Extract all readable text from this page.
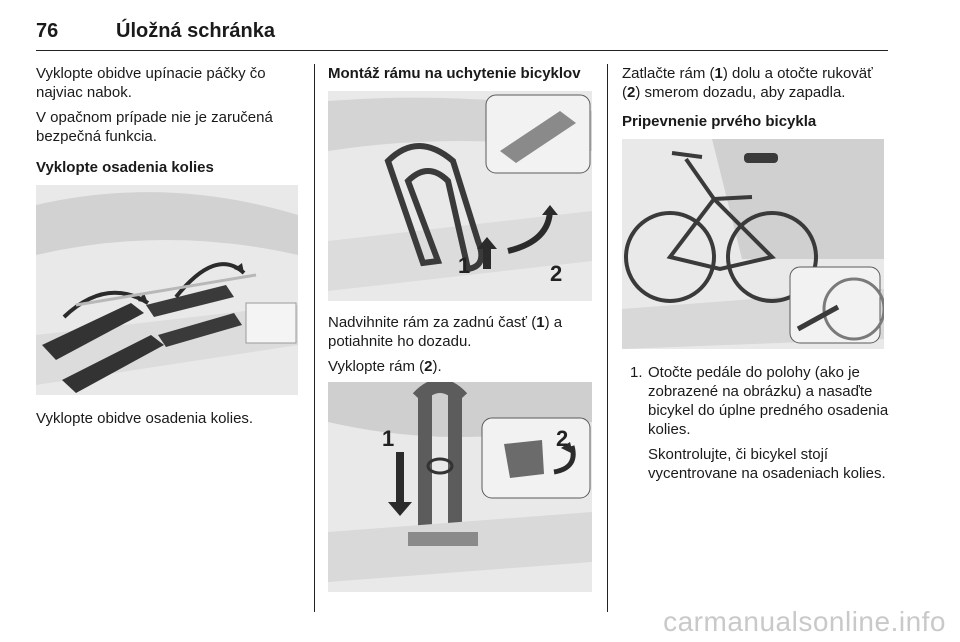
76	Úložná schránka

Vyklopte obidve upínacie páčky čo najviac nabok.

V opačnom prípade nie je zaručená bezpečná funkcia.

Vyklopte osadenia kolies

Vyklopte obidve osadenia kolies.

Montáž rámu na uchytenie bicyklov
1	2

Nadvihnite rám za zadnú časť (1) a potiahnite ho dozadu.

Vyklopte rám (2).

1	2

Zatlačte rám (1) dolu a otočte rukoväť (2) smerom dozadu, aby zapadla.

Pripevnenie prvého bicykla
1. Otočte pedále do polohy (ako je zobrazené na obrázku) a nasaďte bicykel do úplne predného osadenia kolies.
Skontrolujte, či bicykel stojí vycentrovane na osadeniach kolies.
carmanualsonline.info
